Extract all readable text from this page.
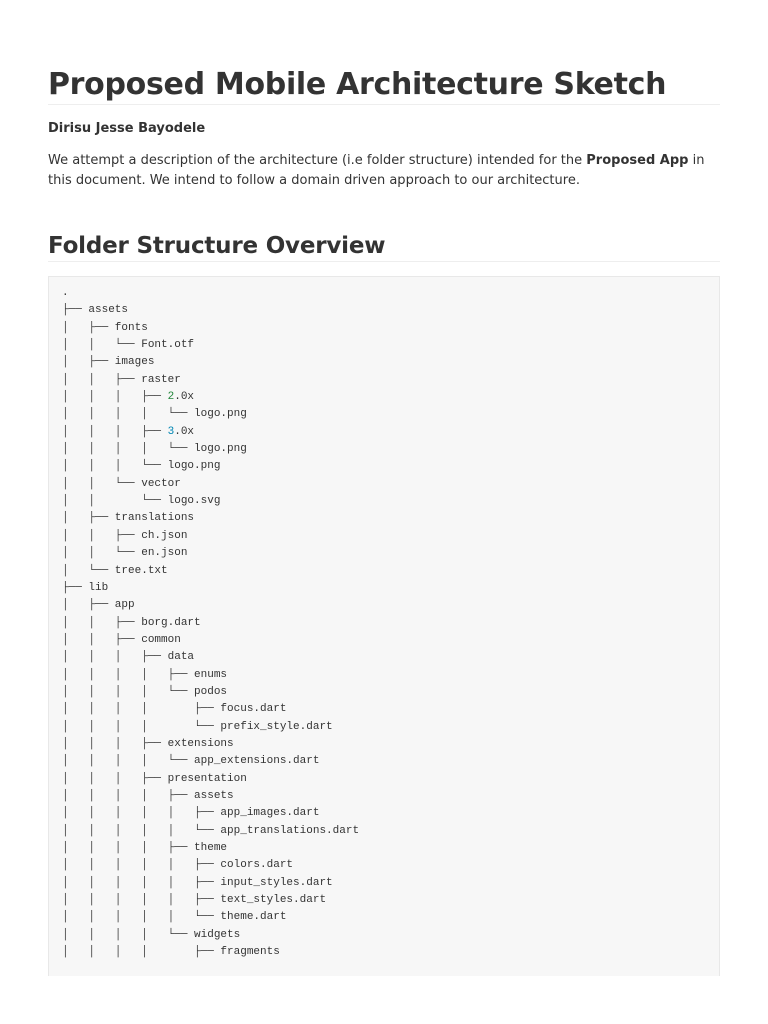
Proposed Mobile Architecture Sketch

Dirisu Jesse Bayodele

We attempt a description of the architecture (i.e folder structure) intended for the Proposed App in this document. We intend to follow a domain driven approach to our architecture.

Folder Structure Overview
.
├── assets
│   ├── fonts
│   │   └── Font.otf
│   ├── images
│   │   ├── raster
│   │   │   ├── 2.0x
│   │   │   │   └── logo.png
│   │   │   ├── 3.0x
│   │   │   │   └── logo.png
│   │   │   └── logo.png
│   │   └── vector
│   │       └── logo.svg
│   ├── translations
│   │   ├── ch.json
│   │   └── en.json
│   └── tree.txt
├── lib
│   ├── app
│   │   ├── borg.dart
│   │   ├── common
│   │   │   ├── data
│   │   │   │   ├── enums
│   │   │   │   └── podos
│   │   │   │       ├── focus.dart
│   │   │   │       └── prefix_style.dart
│   │   │   ├── extensions
│   │   │   │   └── app_extensions.dart
│   │   │   ├── presentation
│   │   │   │   ├── assets
│   │   │   │   │   ├── app_images.dart
│   │   │   │   │   └── app_translations.dart
│   │   │   │   ├── theme
│   │   │   │   │   ├── colors.dart
│   │   │   │   │   ├── input_styles.dart
│   │   │   │   │   ├── text_styles.dart
│   │   │   │   │   └── theme.dart
│   │   │   │   └── widgets
│   │   │   │       ├── fragments
